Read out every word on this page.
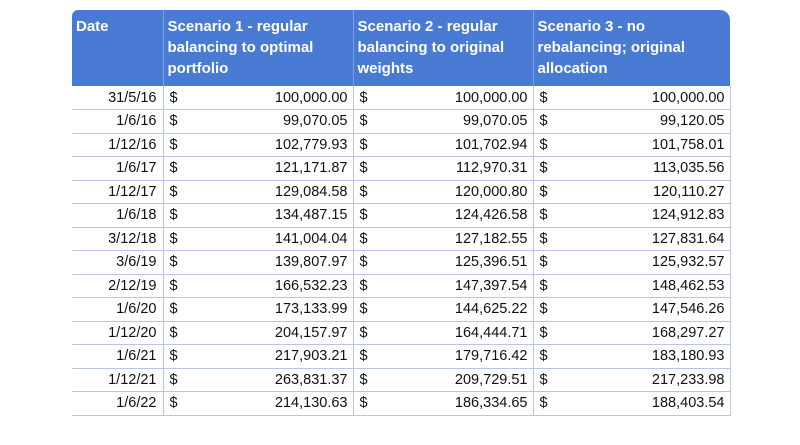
Date	Scenario 1 - regular balancing to optimal portfolio	Scenario 2 - regular balancing to original weights	Scenario 3 - no rebalancing; original allocation
31/5/16	$ 100,000.00	$ 100,000.00	$ 100,000.00

1/6/16	$ 99,070.05	$ 99,070.05	$ 99,120.05

1/12/16	$ 102,779.93	$ 101,702.94	$ 101,758.01

1/6/17	$ 121,171.87	$ 112,970.31	$ 113,035.56

1/12/17	$ 129,084.58	$ 120,000.80	$ 120,110.27

1/6/18	$ 134,487.15	$ 124,426.58	$ 124,912.83

3/12/18	$ 141,004.04	$ 127,182.55	$ 127,831.64

3/6/19	$ 139,807.97	$ 125,396.51	$ 125,932.57

2/12/19	$ 166,532.23	$ 147,397.54	$ 148,462.53

1/6/20	$ 173,133.99	$ 144,625.22	$ 147,546.26

1/12/20	$ 204,157.97	$ 164,444.71	$ 168,297.27

1/6/21	$ 217,903.21	$ 179,716.42	$ 183,180.93

1/12/21	$ 263,831.37	$ 209,729.51	$ 217,233.98

1/6/22	$ 214,130.63	$ 186,334.65	$ 188,403.54
